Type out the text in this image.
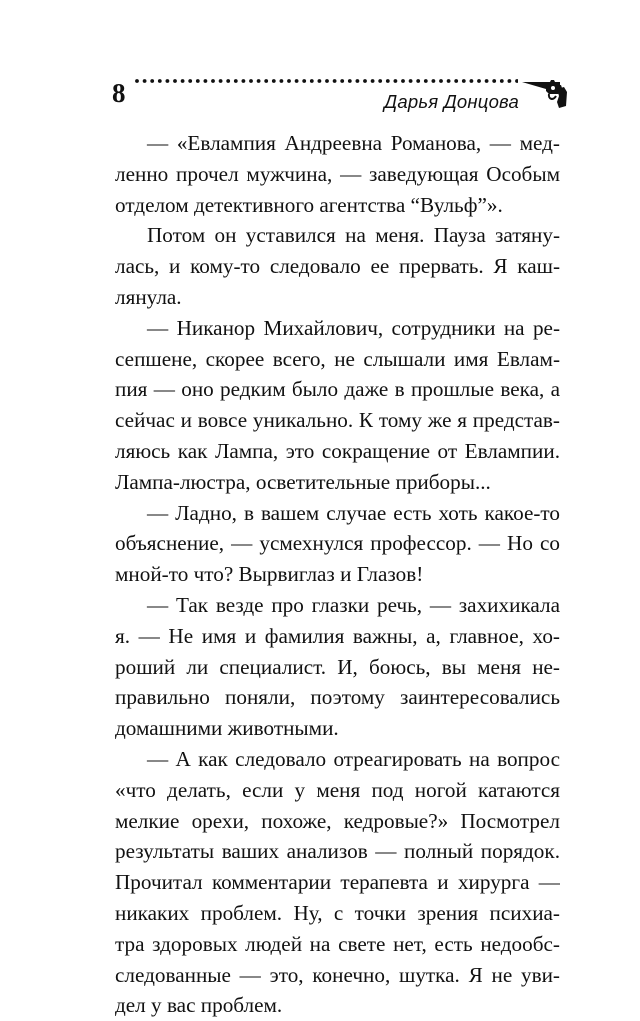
8	Дарья Донцова
— «Евлампия Андреевна Романова, — мед-
ленно прочел мужчина, — заведующая Особым
отделом детективного агентства “Вульф”».
Потом он уставился на меня. Пауза затяну-
лась, и кому-то следовало ее прервать. Я каш-
лянула.
— Никанор Михайлович, сотрудники на ре-
сепшене, скорее всего, не слышали имя Евлам-
пия — оно редким было даже в прошлые века, а
сейчас и вовсе уникально. К тому же я представ-
ляюсь как Лампа, это сокращение от Евлампии.
Лампа-люстра, осветительные приборы...
— Ладно, в вашем случае есть хоть какое-то
объяснение, — усмехнулся профессор. — Но со
мной-то что? Вырвиглаз и Глазов!
— Так везде про глазки речь, — захихикала
я. — Не имя и фамилия важны, а, главное, хо-
роший ли специалист. И, боюсь, вы меня не-
правильно поняли, поэтому заинтересовались
домашними животными.
— А как следовало отреагировать на вопрос
«что делать, если у меня под ногой катаются
мелкие орехи, похоже, кедровые?» Посмотрел
результаты ваших анализов — полный порядок.
Прочитал комментарии терапевта и хирурга —
никаких проблем. Ну, с точки зрения психиа-
тра здоровых людей на свете нет, есть недообс-
следованные — это, конечно, шутка. Я не уви-
дел у вас проблем.
